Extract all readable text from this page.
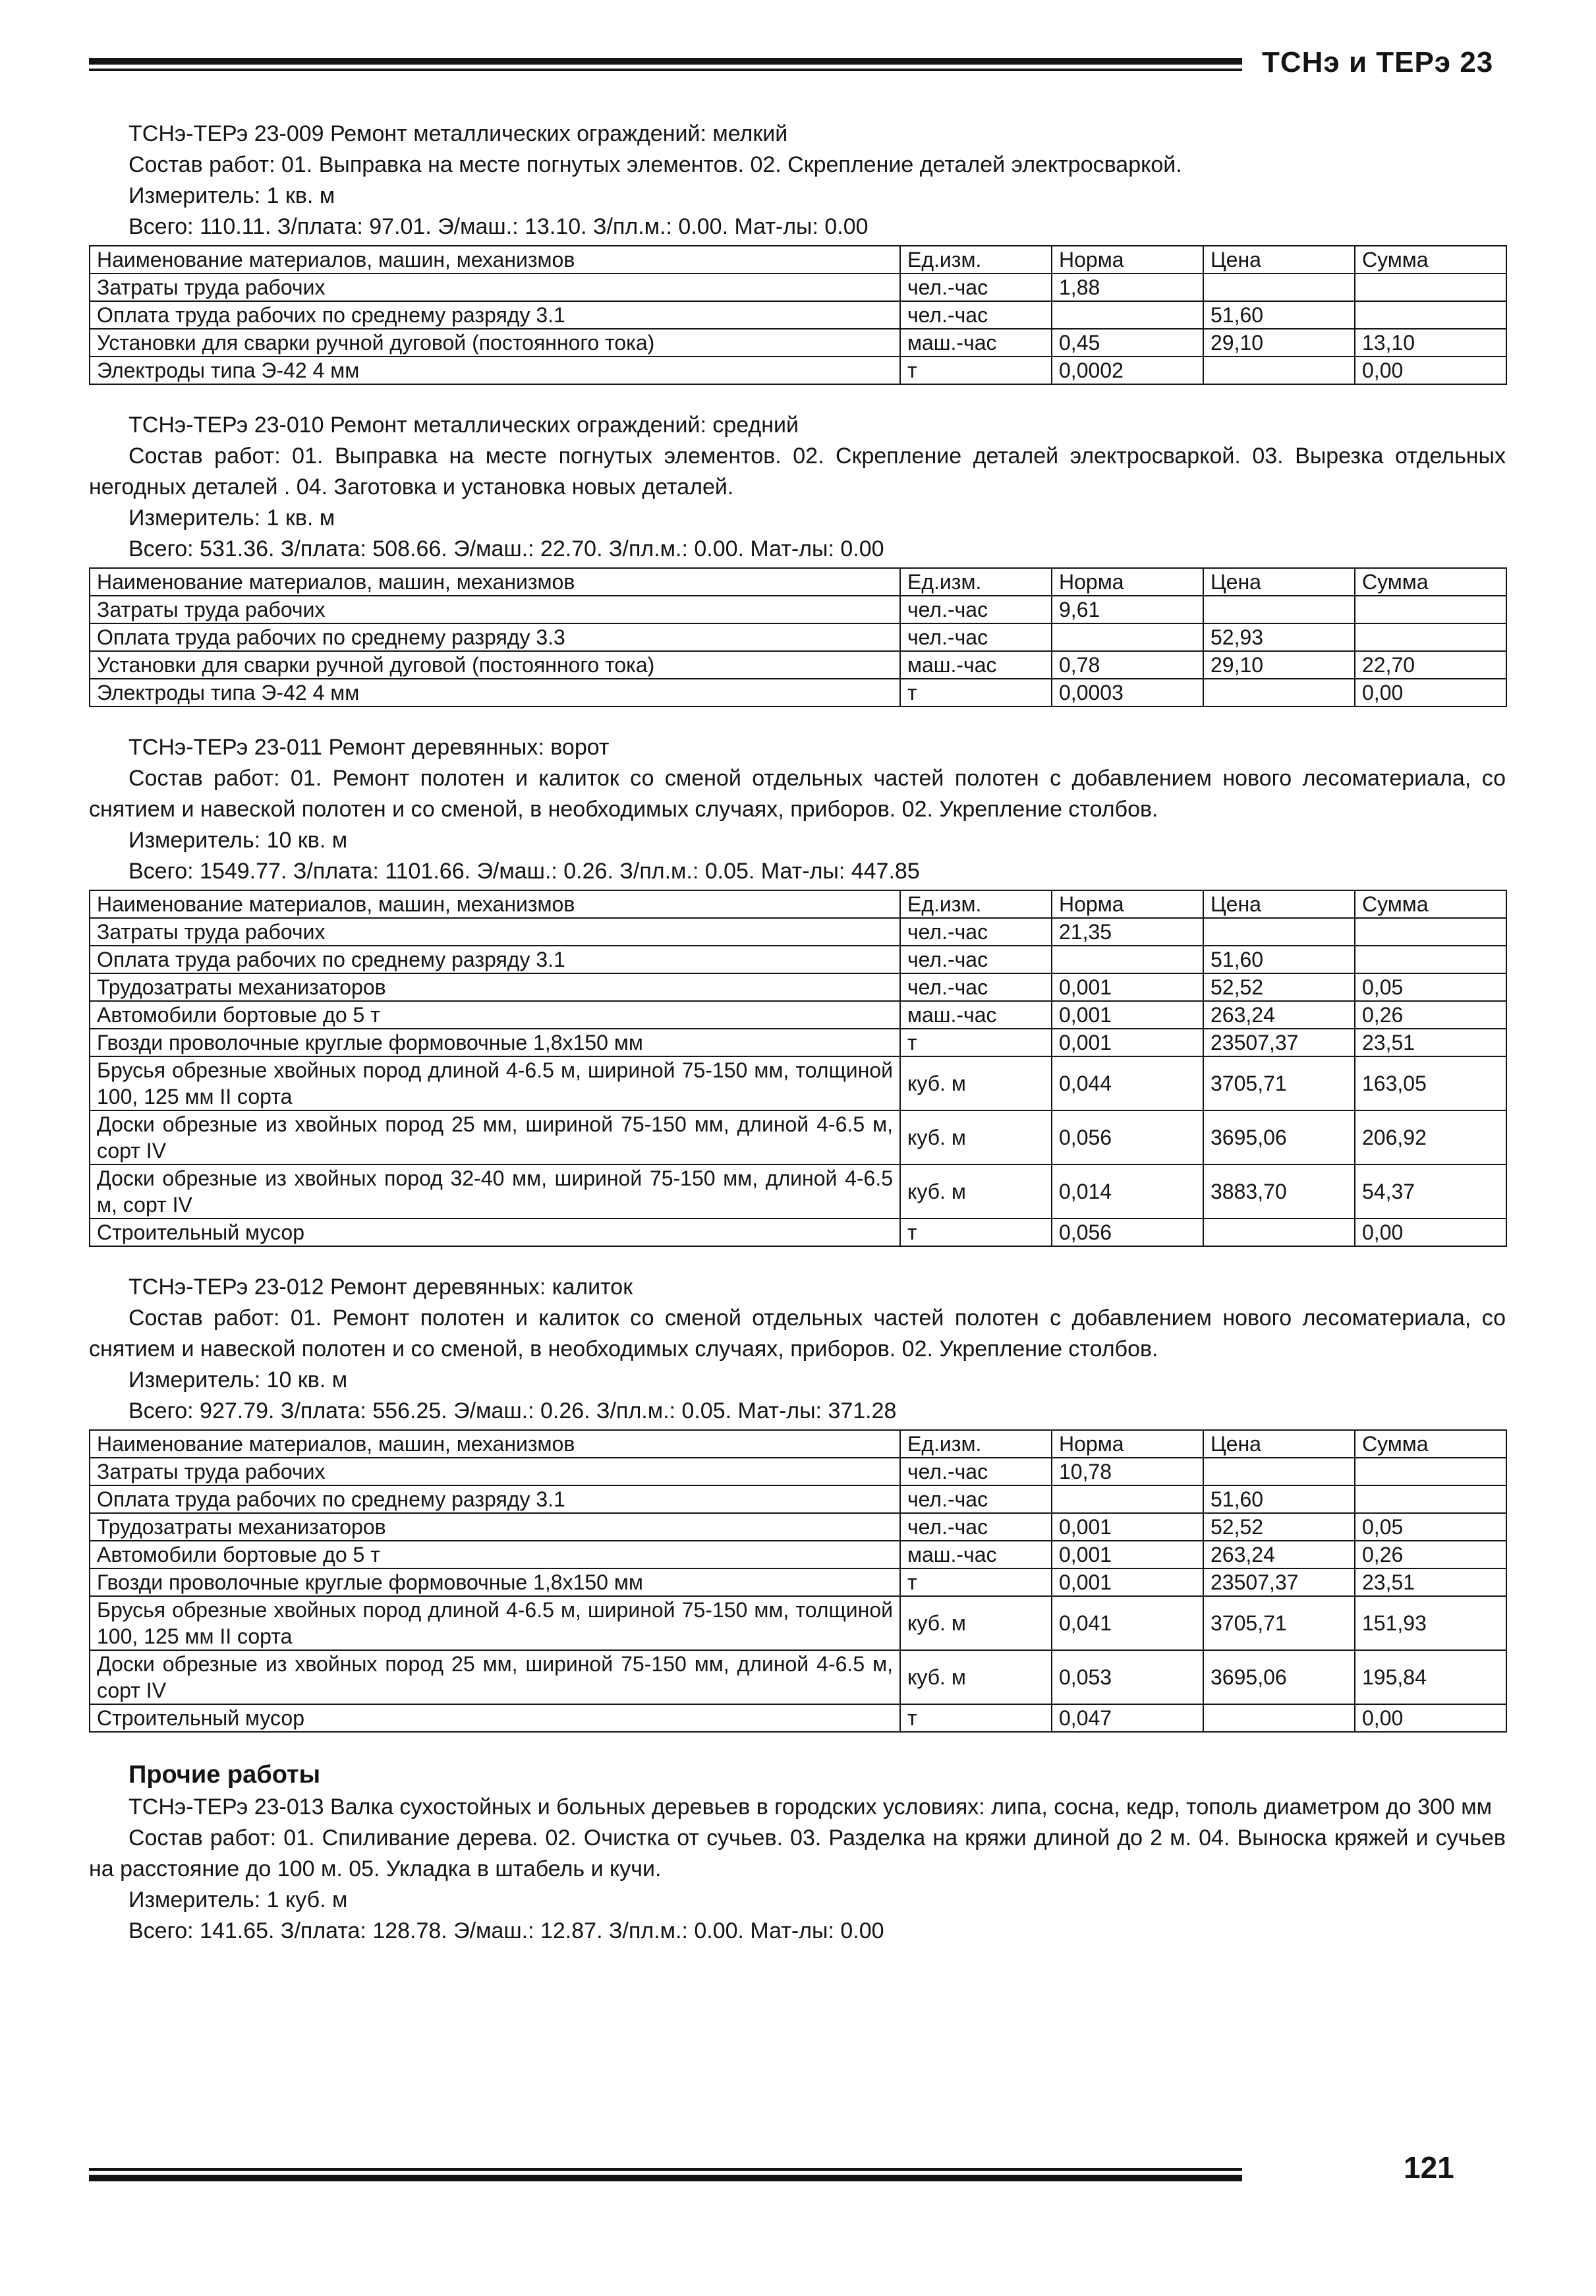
ТСНэ и ТЕРэ 23
ТСНэ-ТЕРэ 23-009 Ремонт металлических ограждений: мелкий
Состав работ: 01. Выправка на месте погнутых элементов. 02. Скрепление деталей электросваркой.
Измеритель: 1 кв. м
Всего: 110.11. З/плата: 97.01. Э/маш.: 13.10. З/пл.м.: 0.00. Мат-лы: 0.00
Наименование материалов, машин, механизмов	Ед.изм.	Норма	Цена	Сумма
Затраты труда рабочих	чел.-час	1,88		
Оплата труда рабочих по среднему разряду 3.1	чел.-час		51,60	
Установки для сварки ручной дуговой (постоянного тока)	маш.-час	0,45	29,10	13,10
Электроды типа Э-42 4 мм	т	0,0002		0,00
ТСНэ-ТЕРэ 23-010 Ремонт металлических ограждений: средний
Состав работ: 01. Выправка на месте погнутых элементов. 02. Скрепление деталей электросваркой. 03. Вырезка отдельных негодных деталей . 04. Заготовка и установка новых деталей.
Измеритель: 1 кв. м
Всего: 531.36. З/плата: 508.66. Э/маш.: 22.70. З/пл.м.: 0.00. Мат-лы: 0.00
Наименование материалов, машин, механизмов	Ед.изм.	Норма	Цена	Сумма
Затраты труда рабочих	чел.-час	9,61		
Оплата труда рабочих по среднему разряду 3.3	чел.-час		52,93	
Установки для сварки ручной дуговой (постоянного тока)	маш.-час	0,78	29,10	22,70
Электроды типа Э-42 4 мм	т	0,0003		0,00
ТСНэ-ТЕРэ 23-011 Ремонт деревянных: ворот
Состав работ: 01. Ремонт полотен и калиток со сменой отдельных частей полотен с добавлением нового лесоматериала, со снятием и навеской полотен и со сменой, в необходимых случаях, приборов. 02. Укрепление столбов.
Измеритель: 10 кв. м
Всего: 1549.77. З/плата: 1101.66. Э/маш.: 0.26. З/пл.м.: 0.05. Мат-лы: 447.85
Наименование материалов, машин, механизмов	Ед.изм.	Норма	Цена	Сумма
Затраты труда рабочих	чел.-час	21,35		
Оплата труда рабочих по среднему разряду 3.1	чел.-час		51,60	
Трудозатраты механизаторов	чел.-час	0,001	52,52	0,05
Автомобили бортовые до 5 т	маш.-час	0,001	263,24	0,26
Гвозди проволочные круглые формовочные 1,8х150 мм	т	0,001	23507,37	23,51
Брусья обрезные хвойных пород длиной 4-6.5 м, шириной 75-150 мм, толщиной 100, 125 мм II сорта	куб. м	0,044	3705,71	163,05
Доски обрезные из хвойных пород 25 мм, шириной 75-150 мм, длиной 4-6.5 м, сорт IV	куб. м	0,056	3695,06	206,92
Доски обрезные из хвойных пород 32-40 мм, шириной 75-150 мм, длиной 4-6.5 м, сорт IV	куб. м	0,014	3883,70	54,37
Строительный мусор	т	0,056		0,00
ТСНэ-ТЕРэ 23-012 Ремонт деревянных: калиток
Состав работ: 01. Ремонт полотен и калиток со сменой отдельных частей полотен с добавлением нового лесоматериала, со снятием и навеской полотен и со сменой, в необходимых случаях, приборов. 02. Укрепление столбов.
Измеритель: 10 кв. м
Всего: 927.79. З/плата: 556.25. Э/маш.: 0.26. З/пл.м.: 0.05. Мат-лы: 371.28
Наименование материалов, машин, механизмов	Ед.изм.	Норма	Цена	Сумма
Затраты труда рабочих	чел.-час	10,78		
Оплата труда рабочих по среднему разряду 3.1	чел.-час		51,60	
Трудозатраты механизаторов	чел.-час	0,001	52,52	0,05
Автомобили бортовые до 5 т	маш.-час	0,001	263,24	0,26
Гвозди проволочные круглые формовочные 1,8х150 мм	т	0,001	23507,37	23,51
Брусья обрезные хвойных пород длиной 4-6.5 м, шириной 75-150 мм, толщиной 100, 125 мм II сорта	куб. м	0,041	3705,71	151,93
Доски обрезные из хвойных пород 25 мм, шириной 75-150 мм, длиной 4-6.5 м, сорт IV	куб. м	0,053	3695,06	195,84
Строительный мусор	т	0,047		0,00
Прочие работы
ТСНэ-ТЕРэ 23-013 Валка сухостойных и больных деревьев в городских условиях: липа, сосна, кедр, тополь диаметром до 300 мм
Состав работ: 01. Спиливание дерева. 02. Очистка от сучьев. 03. Разделка на кряжи длиной до 2 м. 04. Выноска кряжей и сучьев на расстояние до 100 м. 05. Укладка в штабель и кучи.
Измеритель: 1 куб. м
Всего: 141.65. З/плата: 128.78. Э/маш.: 12.87. З/пл.м.: 0.00. Мат-лы: 0.00
121
